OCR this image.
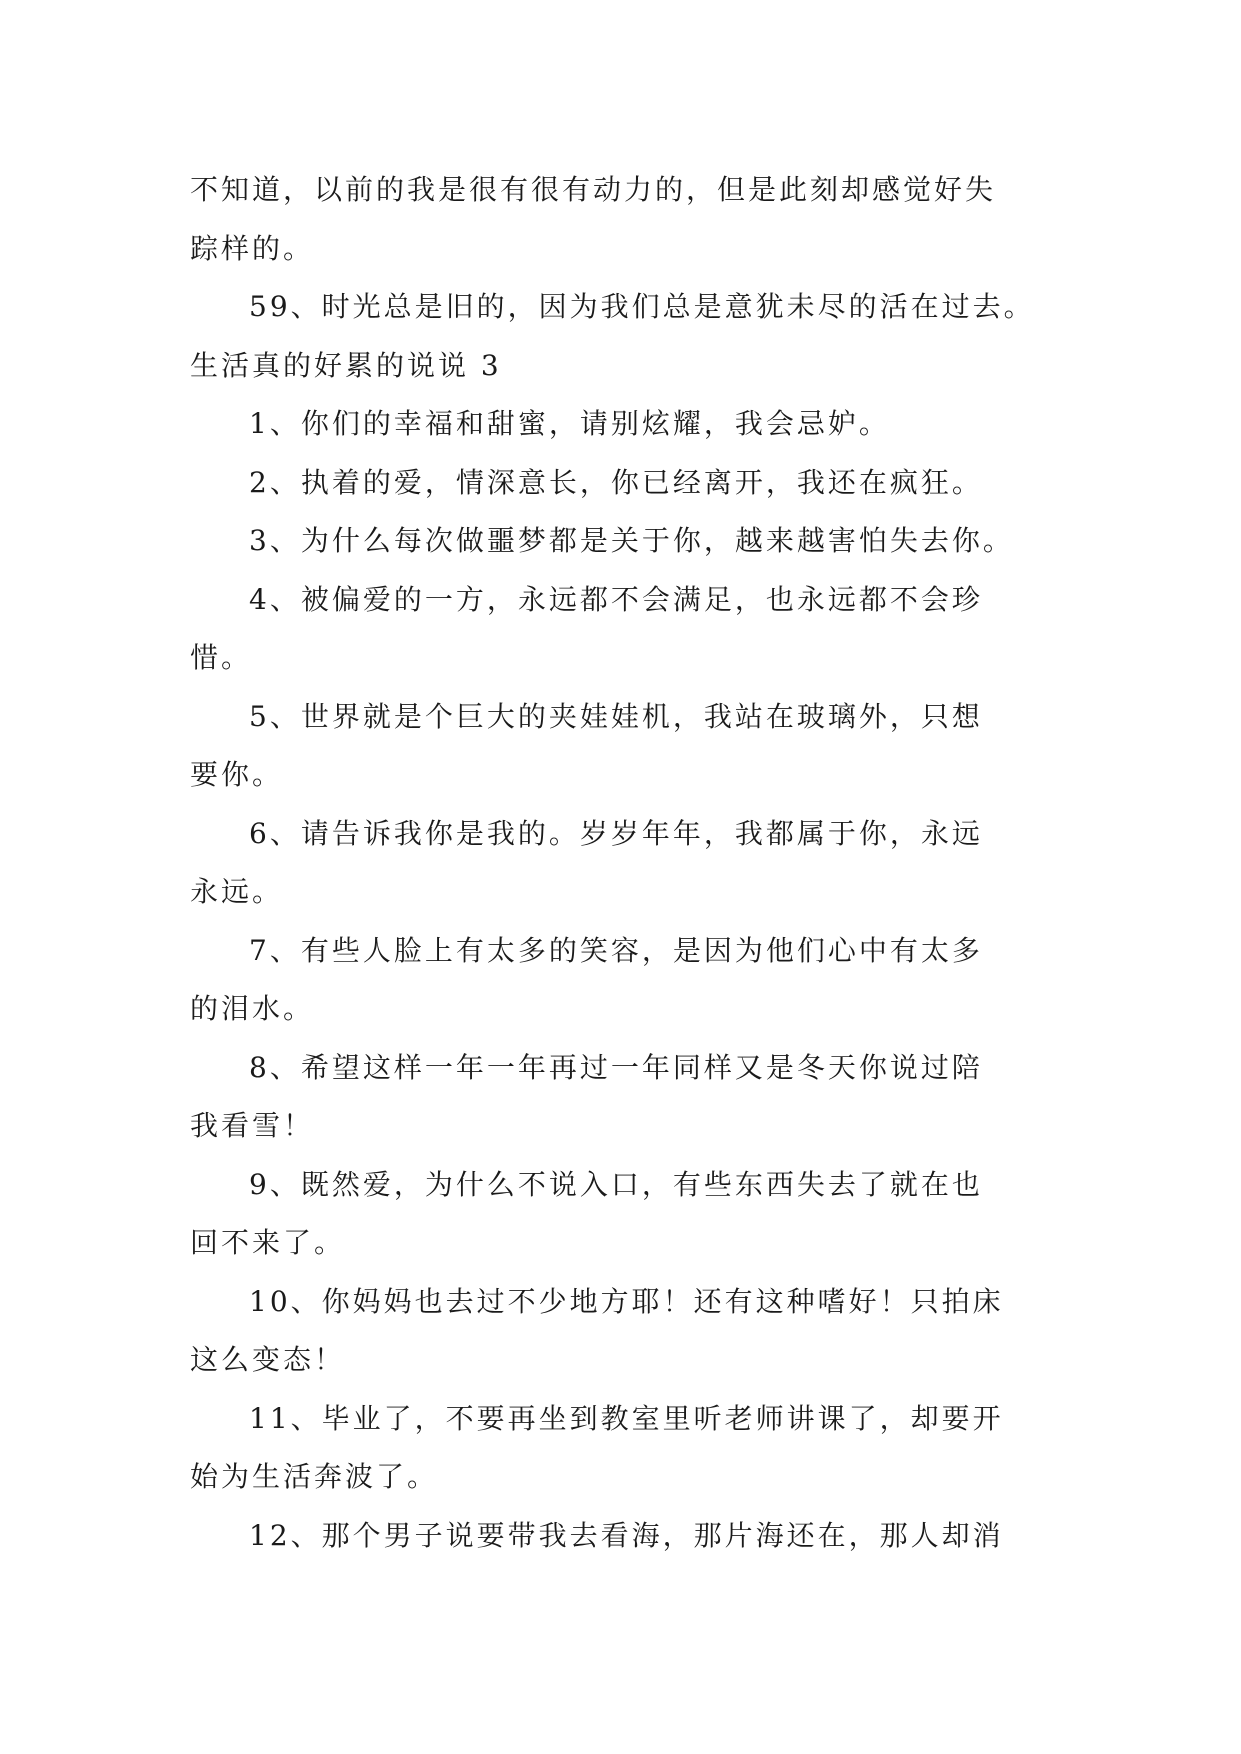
不知道，以前的我是很有很有动力的，但是此刻却感觉好失

踪样的。

59、时光总是旧的，因为我们总是意犹未尽的活在过去。

生活真的好累的说说 3

1、你们的幸福和甜蜜，请别炫耀，我会忌妒。

2、执着的爱，情深意长，你已经离开，我还在疯狂。

3、为什么每次做噩梦都是关于你，越来越害怕失去你。

4、被偏爱的一方，永远都不会满足，也永远都不会珍

惜。

5、世界就是个巨大的夹娃娃机，我站在玻璃外，只想

要你。

6、请告诉我你是我的。岁岁年年，我都属于你，永远

永远。

7、有些人脸上有太多的笑容，是因为他们心中有太多

的泪水。

8、希望这样一年一年再过一年同样又是冬天你说过陪

我看雪！

9、既然爱，为什么不说入口，有些东西失去了就在也

回不来了。

10、你妈妈也去过不少地方耶！还有这种嗜好！只拍床

这么变态！

11、毕业了，不要再坐到教室里听老师讲课了，却要开

始为生活奔波了。

12、那个男子说要带我去看海，那片海还在，那人却消
